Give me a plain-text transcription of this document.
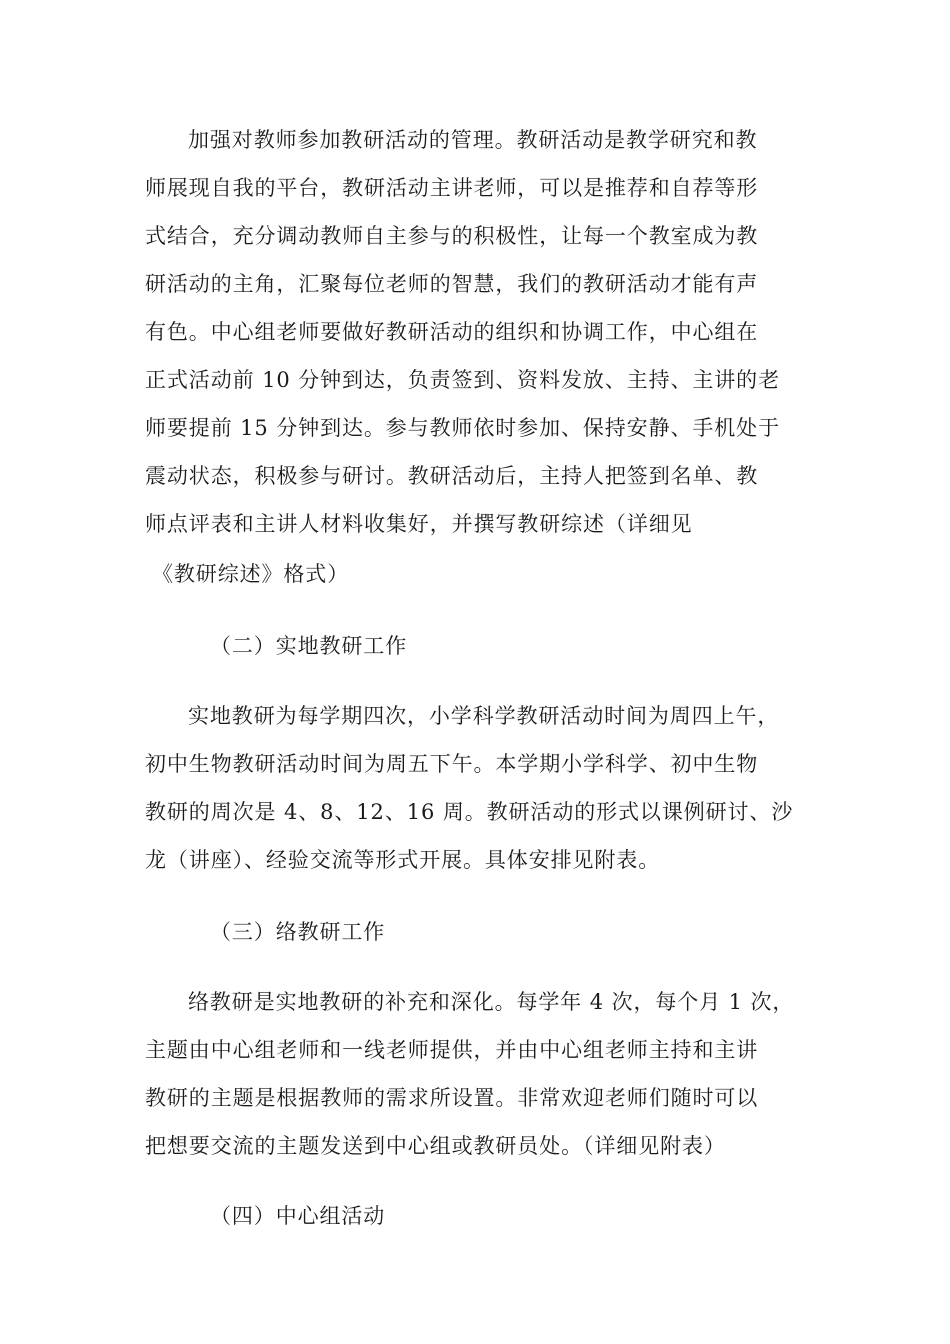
加强对教师参加教研活动的管理。教研活动是教学研究和教
师展现自我的平台，教研活动主讲老师，可以是推荐和自荐等形
式结合，充分调动教师自主参与的积极性，让每一个教室成为教
研活动的主角，汇聚每位老师的智慧，我们的教研活动才能有声
有色。中心组老师要做好教研活动的组织和协调工作，中心组在
正式活动前 10 分钟到达，负责签到、资料发放、主持、主讲的老
师要提前 15 分钟到达。参与教师依时参加、保持安静、手机处于
震动状态，积极参与研讨。教研活动后，主持人把签到名单、教
师点评表和主讲人材料收集好，并撰写教研综述（详细见
《教研综述》格式）
（二）实地教研工作
实地教研为每学期四次，小学科学教研活动时间为周四上午，
初中生物教研活动时间为周五下午。本学期小学科学、初中生物
教研的周次是 4、8、12、16 周。教研活动的形式以课例研讨、沙
龙（讲座）、经验交流等形式开展。具体安排见附表。
（三）络教研工作
络教研是实地教研的补充和深化。每学年 4 次，每个月 1 次，
主题由中心组老师和一线老师提供，并由中心组老师主持和主讲
教研的主题是根据教师的需求所设置。非常欢迎老师们随时可以
把想要交流的主题发送到中心组或教研员处。（详细见附表）
（四）中心组活动
